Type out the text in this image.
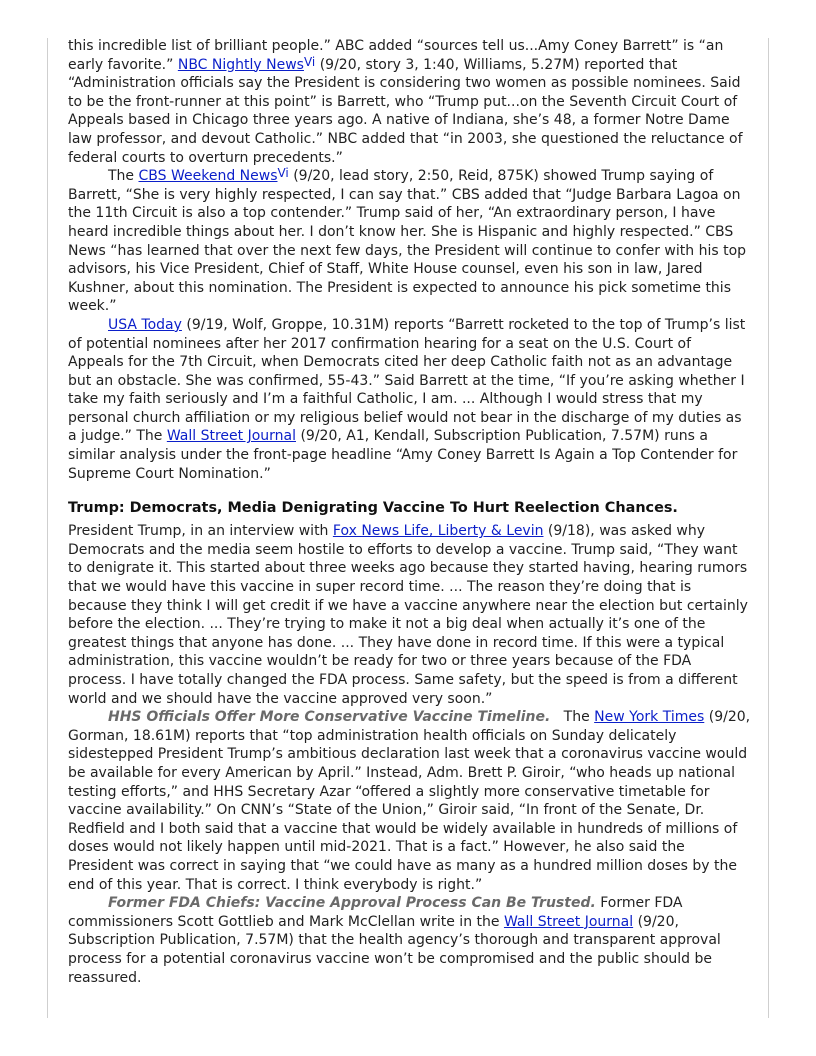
this incredible list of brilliant people.” ABC added “sources tell us...Amy Coney Barrett” is “an early favorite.” NBC Nightly News$^{Vi}$ (9/20, story 3, 1:40, Williams, 5.27M) reported that “Administration officials say the President is considering two women as possible nominees. Said to be the front-runner at this point” is Barrett, who “Trump put...on the Seventh Circuit Court of Appeals based in Chicago three years ago. A native of Indiana, she’s 48, a former Notre Dame law professor, and devout Catholic.” NBC added that “in 2003, she questioned the reluctance of federal courts to overturn precedents.”

The CBS Weekend News$^{Vi}$ (9/20, lead story, 2:50, Reid, 875K) showed Trump saying of Barrett, “She is very highly respected, I can say that.” CBS added that “Judge Barbara Lagoa on the 11th Circuit is also a top contender.” Trump said of her, “An extraordinary person, I have heard incredible things about her. I don’t know her. She is Hispanic and highly respected.” CBS News “has learned that over the next few days, the President will continue to confer with his top advisors, his Vice President, Chief of Staff, White House counsel, even his son in law, Jared Kushner, about this nomination. The President is expected to announce his pick sometime this week.”

USA Today (9/19, Wolf, Groppe, 10.31M) reports “Barrett rocketed to the top of Trump’s list of potential nominees after her 2017 confirmation hearing for a seat on the U.S. Court of Appeals for the 7th Circuit, when Democrats cited her deep Catholic faith not as an advantage but an obstacle. She was confirmed, 55-43.” Said Barrett at the time, “If you’re asking whether I take my faith seriously and I’m a faithful Catholic, I am. ... Although I would stress that my personal church affiliation or my religious belief would not bear in the discharge of my duties as a judge.” The Wall Street Journal (9/20, A1, Kendall, Subscription Publication, 7.57M) runs a similar analysis under the front-page headline “Amy Coney Barrett Is Again a Top Contender for Supreme Court Nomination.”

Trump: Democrats, Media Denigrating Vaccine To Hurt Reelection Chances.

President Trump, in an interview with Fox News Life, Liberty & Levin (9/18), was asked why Democrats and the media seem hostile to efforts to develop a vaccine. Trump said, “They want to denigrate it. This started about three weeks ago because they started having, hearing rumors that we would have this vaccine in super record time. ... The reason they’re doing that is because they think I will get credit if we have a vaccine anywhere near the election but certainly before the election. ... They’re trying to make it not a big deal when actually it’s one of the greatest things that anyone has done. ... They have done in record time. If this were a typical administration, this vaccine wouldn’t be ready for two or three years because of the FDA process. I have totally changed the FDA process. Same safety, but the speed is from a different world and we should have the vaccine approved very soon.”

HHS Officials Offer More Conservative Vaccine Timeline.   The New York Times (9/20, Gorman, 18.61M) reports that “top administration health officials on Sunday delicately sidestepped President Trump’s ambitious declaration last week that a coronavirus vaccine would be available for every American by April.” Instead, Adm. Brett P. Giroir, “who heads up national testing efforts,” and HHS Secretary Azar “offered a slightly more conservative timetable for vaccine availability.” On CNN’s “State of the Union,” Giroir said, “In front of the Senate, Dr. Redfield and I both said that a vaccine that would be widely available in hundreds of millions of doses would not likely happen until mid-2021. That is a fact.” However, he also said the President was correct in saying that “we could have as many as a hundred million doses by the end of this year. That is correct. I think everybody is right.”

Former FDA Chiefs: Vaccine Approval Process Can Be Trusted. Former FDA commissioners Scott Gottlieb and Mark McClellan write in the Wall Street Journal (9/20, Subscription Publication, 7.57M) that the health agency’s thorough and transparent approval process for a potential coronavirus vaccine won’t be compromised and the public should be reassured.
